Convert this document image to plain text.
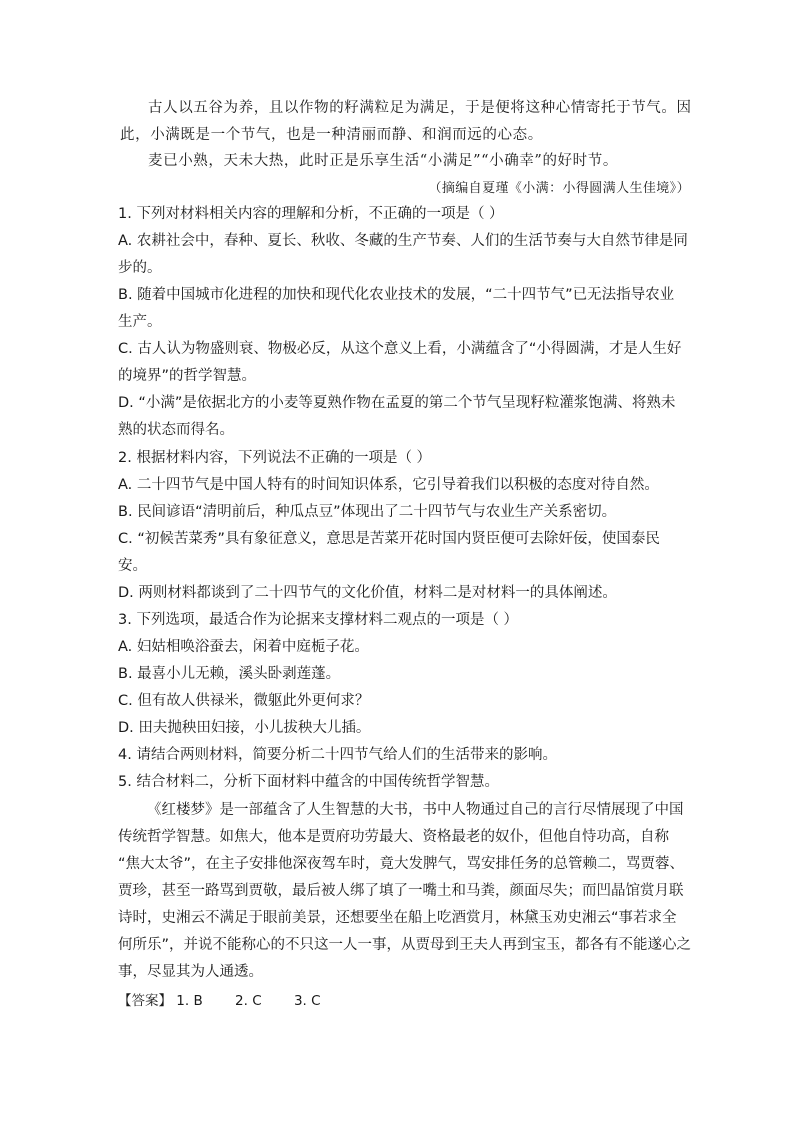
古人以五谷为养，且以作物的籽满粒足为满足，于是便将这种心情寄托于节气。因
此，小满既是一个节气，也是一种清丽而静、和润而远的心态。
麦已小熟，天未大热，此时正是乐享生活“小满足”“小确幸”的好时节。
（摘编自夏瑾《小满：小得圆满人生佳境》）
1. 下列对材料相关内容的理解和分析，不正确的一项是（ ）
A. 农耕社会中，春种、夏长、秋收、冬藏的生产节奏、人们的生活节奏与大自然节律是同
步的。
B. 随着中国城市化进程的加快和现代化农业技术的发展，“二十四节气”已无法指导农业
生产。
C. 古人认为物盛则衰、物极必反，从这个意义上看，小满蕴含了“小得圆满，才是人生好
的境界”的哲学智慧。
D. “小满”是依据北方的小麦等夏熟作物在孟夏的第二个节气呈现籽粒灌浆饱满、将熟未
熟的状态而得名。
2. 根据材料内容，下列说法不正确的一项是（ ）
A. 二十四节气是中国人特有的时间知识体系，它引导着我们以积极的态度对待自然。
B. 民间谚语“清明前后，种瓜点豆”体现出了二十四节气与农业生产关系密切。
C. “初候苦菜秀”具有象征意义，意思是苦菜开花时国内贤臣便可去除奸佞，使国泰民
安。
D. 两则材料都谈到了二十四节气的文化价值，材料二是对材料一的具体阐述。
3. 下列选项，最适合作为论据来支撑材料二观点的一项是（ ）
A. 妇姑相唤浴蚕去，闲着中庭栀子花。
B. 最喜小儿无赖，溪头卧剥莲蓬。
C. 但有故人供禄米，微躯此外更何求？
D. 田夫抛秧田妇接，小儿拔秧大儿插。
4. 请结合两则材料，简要分析二十四节气给人们的生活带来的影响。
5. 结合材料二，分析下面材料中蕴含的中国传统哲学智慧。
《红楼梦》是一部蕴含了人生智慧的大书，书中人物通过自己的言行尽情展现了中国
传统哲学智慧。如焦大，他本是贾府功劳最大、资格最老的奴仆，但他自恃功高，自称
“焦大太爷”，在主子安排他深夜驾车时，竟大发脾气，骂安排任务的总管赖二，骂贾蓉、
贾珍，甚至一路骂到贾敬，最后被人绑了填了一嘴土和马粪，颜面尽失；而凹晶馆赏月联
诗时，史湘云不满足于眼前美景，还想要坐在船上吃酒赏月，林黛玉劝史湘云“事若求全
何所乐”，并说不能称心的不只这一人一事，从贾母到王夫人再到宝玉，都各有不能遂心之
事，尽显其为人通透。
【答案】 1. B 2. C 3. C
